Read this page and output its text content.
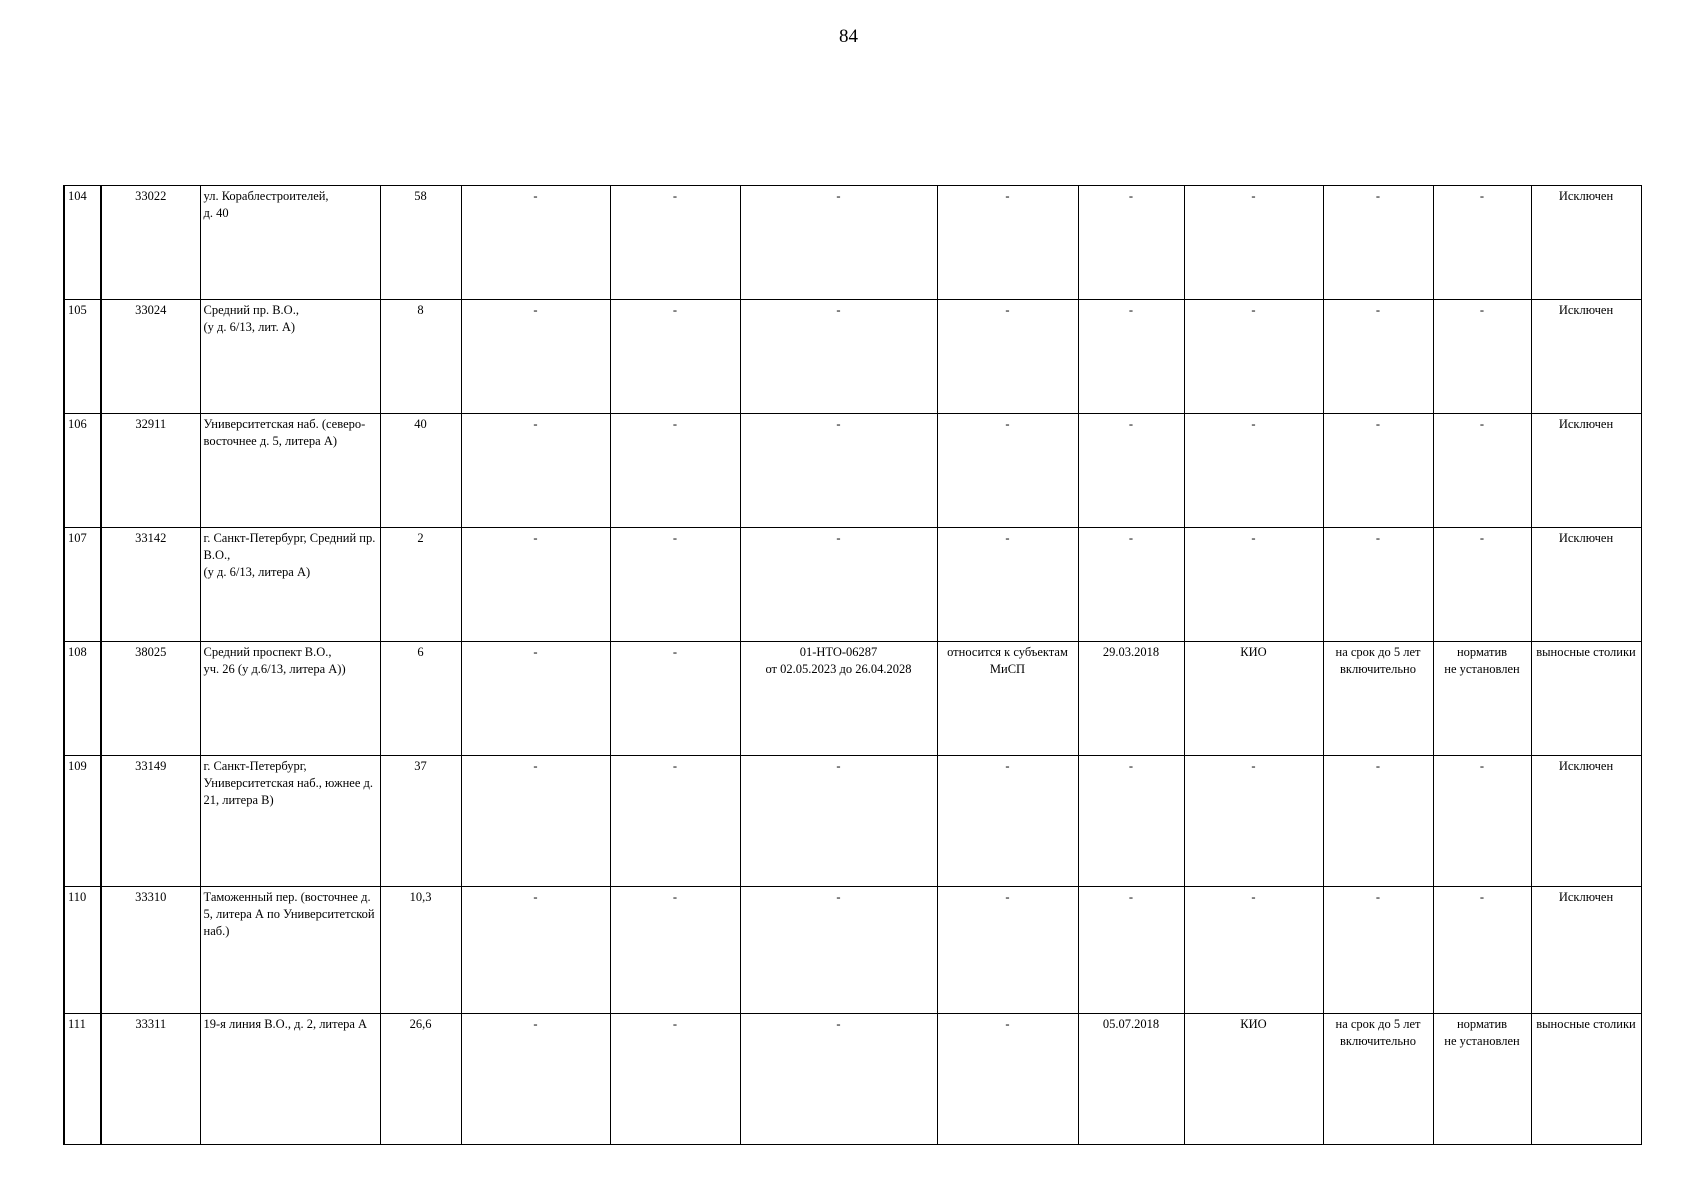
84
104	33022	ул. Кораблестроителей,
д. 40	58	-	-	-	-	-	-	-	-	Исключен
105	33024	Средний пр. В.О.,
(у д. 6/13, лит. А)	8	-	-	-	-	-	-	-	-	Исключен
106	32911	Университетская наб. (северо-восточнее д. 5, литера А)	40	-	-	-	-	-	-	-	-	Исключен
107	33142	г. Санкт-Петербург, Средний пр. В.О.,
(у д. 6/13, литера А)	2	-	-	-	-	-	-	-	-	Исключен
108	38025	Средний проспект В.О.,
уч. 26 (у д.6/13, литера А))	6	-	-	01-НТО-06287
от 02.05.2023 до 26.04.2028	относится к субъектам МиСП	29.03.2018	КИО	на срок до 5 лет включительно	норматив
не установлен	выносные столики
109	33149	г. Санкт-Петербург, Университетская наб., южнее д. 21, литера В)	37	-	-	-	-	-	-	-	-	Исключен
110	33310	Таможенный пер. (восточнее д. 5, литера А по Университетской наб.)	10,3	-	-	-	-	-	-	-	-	Исключен
111	33311	19-я линия В.О., д. 2, литера А	26,6	-	-	-	-	05.07.2018	КИО	на срок до 5 лет включительно	норматив
не установлен	выносные столики
